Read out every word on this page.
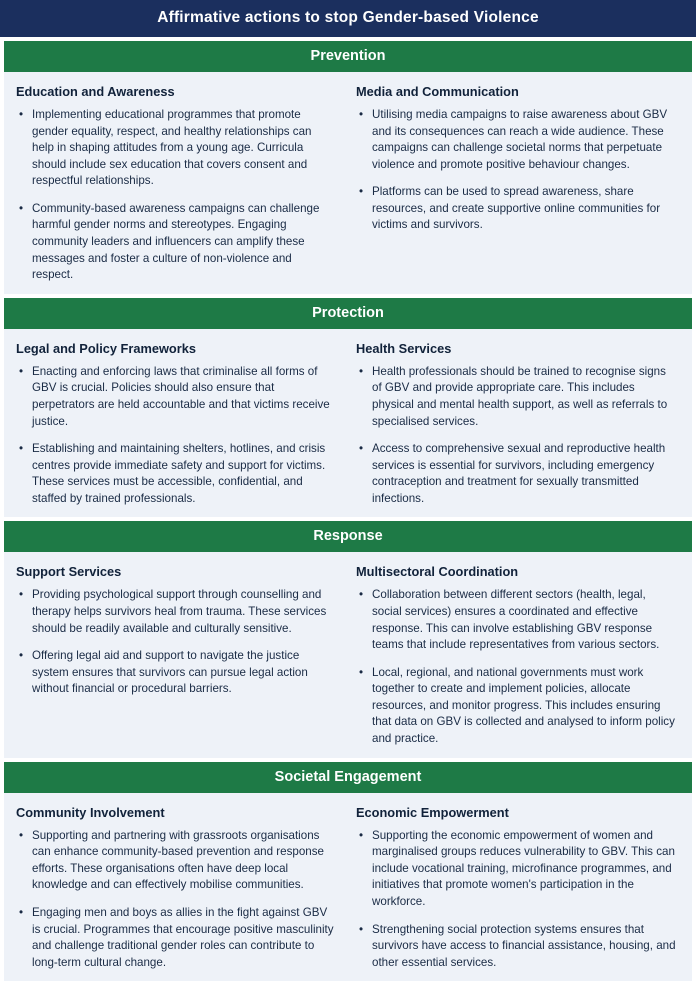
Affirmative actions to stop Gender-based Violence
Prevention
Education and Awareness
• Implementing educational programmes that promote gender equality, respect, and healthy relationships can help in shaping attitudes from a young age. Curricula should include sex education that covers consent and respectful relationships.
• Community-based awareness campaigns can challenge harmful gender norms and stereotypes. Engaging community leaders and influencers can amplify these messages and foster a culture of non-violence and respect.
Media and Communication
• Utilising media campaigns to raise awareness about GBV and its consequences can reach a wide audience. These campaigns can challenge societal norms that perpetuate violence and promote positive behaviour changes.
• Platforms can be used to spread awareness, share resources, and create supportive online communities for victims and survivors.
Protection
Legal and Policy Frameworks
• Enacting and enforcing laws that criminalise all forms of GBV is crucial. Policies should also ensure that perpetrators are held accountable and that victims receive justice.
• Establishing and maintaining shelters, hotlines, and crisis centres provide immediate safety and support for victims. These services must be accessible, confidential, and staffed by trained professionals.
Health Services
• Health professionals should be trained to recognise signs of GBV and provide appropriate care. This includes physical and mental health support, as well as referrals to specialised services.
• Access to comprehensive sexual and reproductive health services is essential for survivors, including emergency contraception and treatment for sexually transmitted infections.
Response
Support Services
• Providing psychological support through counselling and therapy helps survivors heal from trauma. These services should be readily available and culturally sensitive.
• Offering legal aid and support to navigate the justice system ensures that survivors can pursue legal action without financial or procedural barriers.
Multisectoral Coordination
• Collaboration between different sectors (health, legal, social services) ensures a coordinated and effective response. This can involve establishing GBV response teams that include representatives from various sectors.
• Local, regional, and national governments must work together to create and implement policies, allocate resources, and monitor progress. This includes ensuring that data on GBV is collected and analysed to inform policy and practice.
Societal Engagement
Community Involvement
• Supporting and partnering with grassroots organisations can enhance community-based prevention and response efforts. These organisations often have deep local knowledge and can effectively mobilise communities.
• Engaging men and boys as allies in the fight against GBV is crucial. Programmes that encourage positive masculinity and challenge traditional gender roles can contribute to long-term cultural change.
Economic Empowerment
• Supporting the economic empowerment of women and marginalised groups reduces vulnerability to GBV. This can include vocational training, microfinance programmes, and initiatives that promote women's participation in the workforce.
• Strengthening social protection systems ensures that survivors have access to financial assistance, housing, and other essential services.
